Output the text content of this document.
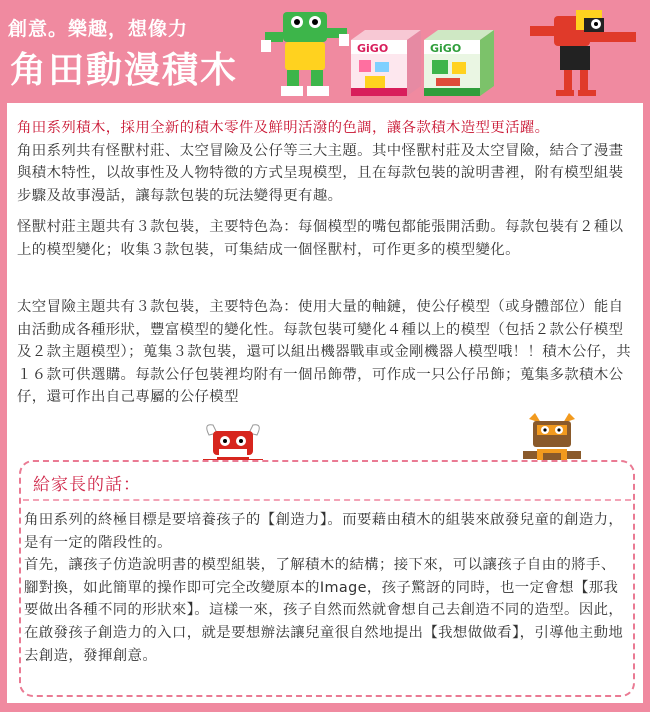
創意。樂趣，想像力
角田動漫積木
GiGO	GiGO
角田系列積木，採用全新的積木零件及鮮明活潑的色調，讓各款積木造型更活躍。
角田系列共有怪獸村莊、太空冒險及公仔等三大主題。其中怪獸村莊及太空冒險，結合了漫畫與積木特性，以故事性及人物特徵的方式呈現模型，且在每款包裝的說明書裡，附有模型組裝步驟及故事漫話，讓每款包裝的玩法變得更有趣。
怪獸村莊主題共有３款包裝，主要特色為：每個模型的嘴包都能張開活動。每款包裝有２種以上的模型變化；收集３款包裝，可集結成一個怪獸村，可作更多的模型變化。
太空冒險主題共有３款包裝，主要特色為：使用大量的軸鏈，使公仔模型（或身體部位）能自由活動成各種形狀，豐富模型的變化性。每款包裝可變化４種以上的模型（包括２款公仔模型及２款主題模型）；蒐集３款包裝，還可以組出機器戰車或金剛機器人模型哦！！積木公仔，共１６款可供選購。每款公仔包裝裡均附有一個吊飾帶，可作成一只公仔吊飾；蒐集多款積木公仔，還可作出自己專屬的公仔模型
給家長的話：
角田系列的終極目標是要培養孩子的【創造力】。而要藉由積木的組裝來啟發兒童的創造力，是有一定的階段性的。
首先，讓孩子仿造說明書的模型組裝，了解積木的結構；接下來，可以讓孩子自由的將手、腳對換，如此簡單的操作即可完全改變原本的Image，孩子驚訝的同時，也一定會想【那我要做出各種不同的形狀來】。這樣一來，孩子自然而然就會想自己去創造不同的造型。因此，在啟發孩子創造力的入口，就是要想辦法讓兒童很自然地提出【我想做做看】，引導他主動地去創造，發揮創意。
